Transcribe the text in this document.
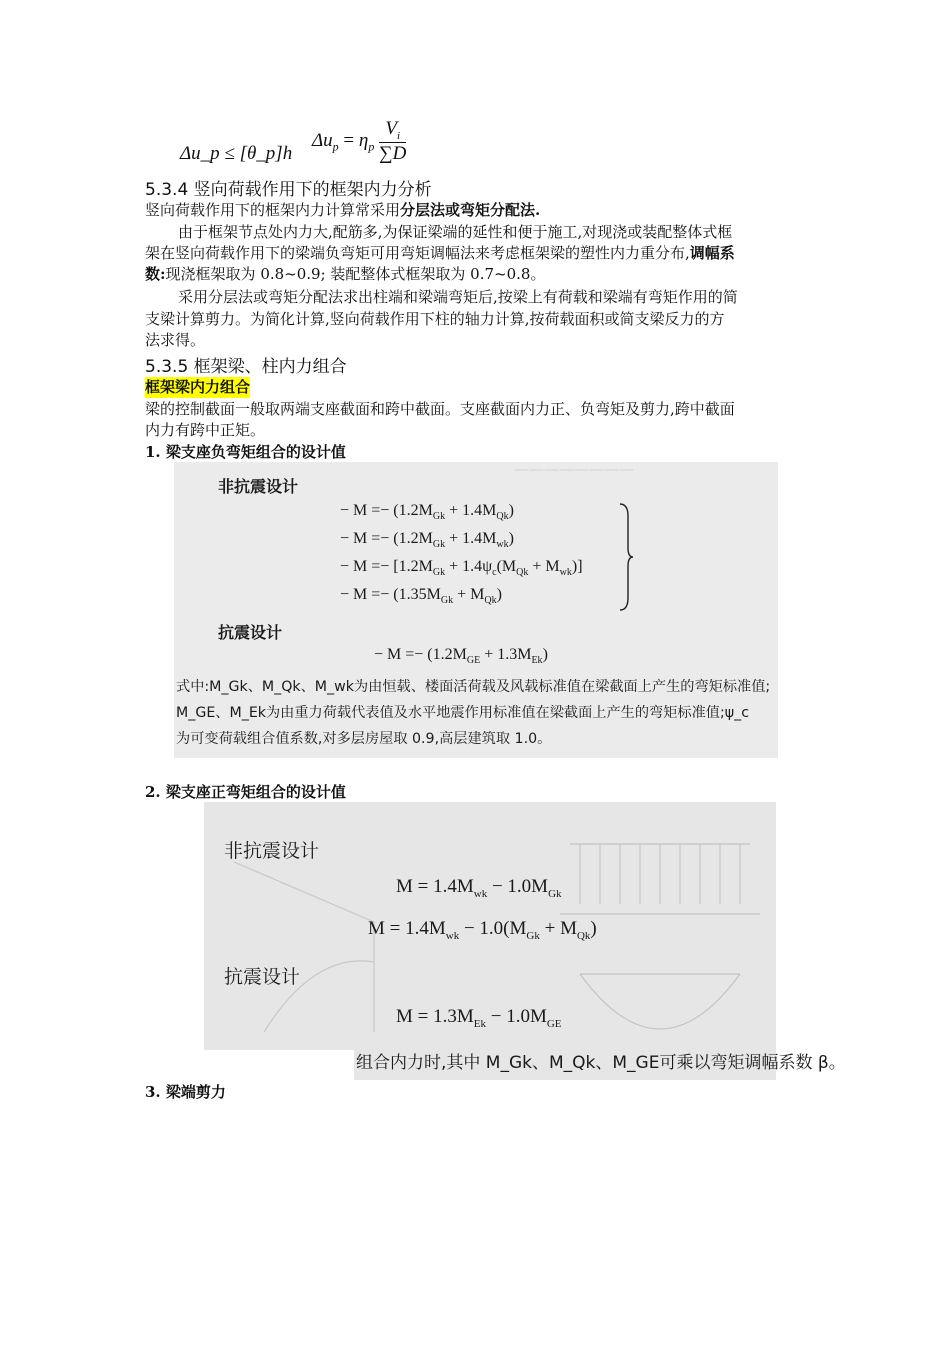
Δu_p ≤ [θ_p]h
$\Delta u_p = \eta_p \frac{V_i}{\sum D}$
5.3.4 竖向荷载作用下的框架内力分析
竖向荷载作用下的框架内力计算常采用分层法或弯矩分配法.
由于框架节点处内力大,配筋多,为保证梁端的延性和便于施工,对现浇或装配整体式框
架在竖向荷载作用下的梁端负弯矩可用弯矩调幅法来考虑框架梁的塑性内力重分布,调幅系
数:现浇框架取为 0.8~0.9; 装配整体式框架取为 0.7~0.8。
采用分层法或弯矩分配法求出柱端和梁端弯矩后,按梁上有荷载和梁端有弯矩作用的简
支梁计算剪力。为简化计算,竖向荷载作用下柱的轴力计算,按荷载面积或简支梁反力的方
法求得。
5.3.5 框架梁、柱内力组合
框架梁内力组合
梁的控制截面一般取两端支座截面和跨中截面。支座截面内力正、负弯矩及剪力,跨中截面
内力有跨中正矩。
1. 梁支座负弯矩组合的设计值
————————
非抗震设计
− $M =- (1.2M_{Gk} + 1.4M_{Qk})$
− $M =- (1.2M_{Gk} + 1.4M_{wk})$
− $M =- [1.2M_{Gk} + 1.4\psi_c(M_{Qk} + M_{wk})]$
− $M =- (1.35M_{Gk} + M_{Qk})$
抗震设计
− $M =- (1.2M_{GE} + 1.3M_{Ek})$
式中:M_Gk、M_Qk、M_wk为由恒载、楼面活荷载及风载标准值在梁截面上产生的弯矩标准值;
M_GE、M_Ek为由重力荷载代表值及水平地震作用标准值在梁截面上产生的弯矩标准值;ψ_c
为可变荷载组合值系数,对多层房屋取 0.9,高层建筑取 1.0。
2. 梁支座正弯矩组合的设计值
非抗震设计
$M = 1.4M_{wk} - 1.0M_{Gk}$
$M = 1.4M_{wk} - 1.0(M_{Gk} + M_{Qk})$
抗震设计
$M = 1.3M_{Ek} - 1.0M_{GE}$
组合内力时,其中 M_Gk、M_Qk、M_GE可乘以弯矩调幅系数 β。
3. 梁端剪力
